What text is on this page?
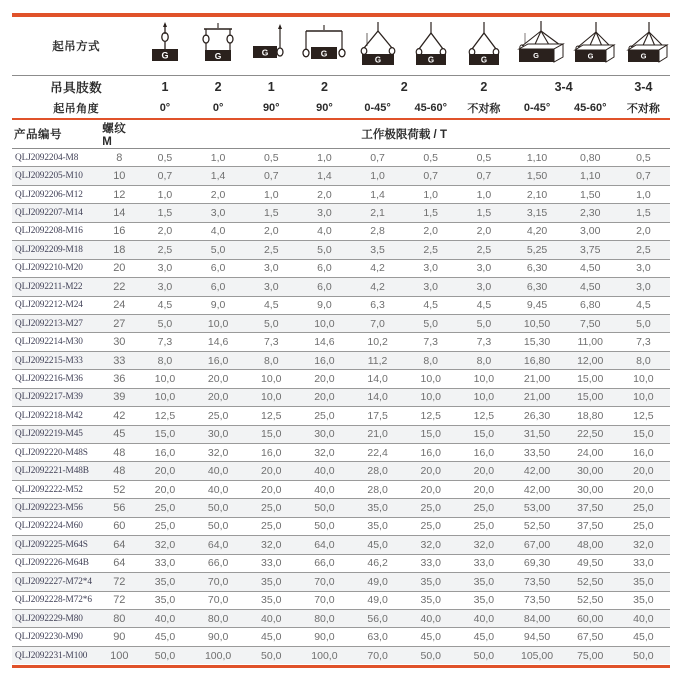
起吊方式	
G	G	G	G

G	G	G	G	G	G
吊具肢数	1	2	1	2	2		2	3-4		3-4
起吊角度	0°	0°	90°	90°	0-45°	45-60°	不对称	0-45°	45-60°	不对称
产品编号	螺纹 M	工作极限荷载 / T
QLJ2092204-M8	8	0,5	1,0	0,5	1,0	0,7	0,5	0,5	1,10	0,80	0,5
QLJ2092205-M10	10	0,7	1,4	0,7	1,4	1,0	0,7	0,7	1,50	1,10	0,7
QLJ2092206-M12	12	1,0	2,0	1,0	2,0	1,4	1,0	1,0	2,10	1,50	1,0
QLJ2092207-M14	14	1,5	3,0	1,5	3,0	2,1	1,5	1,5	3,15	2,30	1,5
QLJ2092208-M16	16	2,0	4,0	2,0	4,0	2,8	2,0	2,0	4,20	3,00	2,0
QLJ2092209-M18	18	2,5	5,0	2,5	5,0	3,5	2,5	2,5	5,25	3,75	2,5
QLJ2092210-M20	20	3,0	6,0	3,0	6,0	4,2	3,0	3,0	6,30	4,50	3,0
QLJ2092211-M22	22	3,0	6,0	3,0	6,0	4,2	3,0	3,0	6,30	4,50	3,0
QLJ2092212-M24	24	4,5	9,0	4,5	9,0	6,3	4,5	4,5	9,45	6,80	4,5
QLJ2092213-M27	27	5,0	10,0	5,0	10,0	7,0	5,0	5,0	10,50	7,50	5,0
QLJ2092214-M30	30	7,3	14,6	7,3	14,6	10,2	7,3	7,3	15,30	11,00	7,3
QLJ2092215-M33	33	8,0	16,0	8,0	16,0	11,2	8,0	8,0	16,80	12,00	8,0
QLJ2092216-M36	36	10,0	20,0	10,0	20,0	14,0	10,0	10,0	21,00	15,00	10,0
QLJ2092217-M39	39	10,0	20,0	10,0	20,0	14,0	10,0	10,0	21,00	15,00	10,0
QLJ2092218-M42	42	12,5	25,0	12,5	25,0	17,5	12,5	12,5	26,30	18,80	12,5
QLJ2092219-M45	45	15,0	30,0	15,0	30,0	21,0	15,0	15,0	31,50	22,50	15,0
QLJ2092220-M48S	48	16,0	32,0	16,0	32,0	22,4	16,0	16,0	33,50	24,00	16,0
QLJ2092221-M48B	48	20,0	40,0	20,0	40,0	28,0	20,0	20,0	42,00	30,00	20,0
QLJ2092222-M52	52	20,0	40,0	20,0	40,0	28,0	20,0	20,0	42,00	30,00	20,0
QLJ2092223-M56	56	25,0	50,0	25,0	50,0	35,0	25,0	25,0	53,00	37,50	25,0
QLJ2092224-M60	60	25,0	50,0	25,0	50,0	35,0	25,0	25,0	52,50	37,50	25,0
QLJ2092225-M64S	64	32,0	64,0	32,0	64,0	45,0	32,0	32,0	67,00	48,00	32,0
QLJ2092226-M64B	64	33,0	66,0	33,0	66,0	46,2	33,0	33,0	69,30	49,50	33,0
QLJ2092227-M72*4	72	35,0	70,0	35,0	70,0	49,0	35,0	35,0	73,50	52,50	35,0
QLJ2092228-M72*6	72	35,0	70,0	35,0	70,0	49,0	35,0	35,0	73,50	52,50	35,0
QLJ2092229-M80	80	40,0	80,0	40,0	80,0	56,0	40,0	40,0	84,00	60,00	40,0
QLJ2092230-M90	90	45,0	90,0	45,0	90,0	63,0	45,0	45,0	94,50	67,50	45,0
QLJ2092231-M100	100	50,0	100,0	50,0	100,0	70,0	50,0	50,0	105,00	75,00	50,0
